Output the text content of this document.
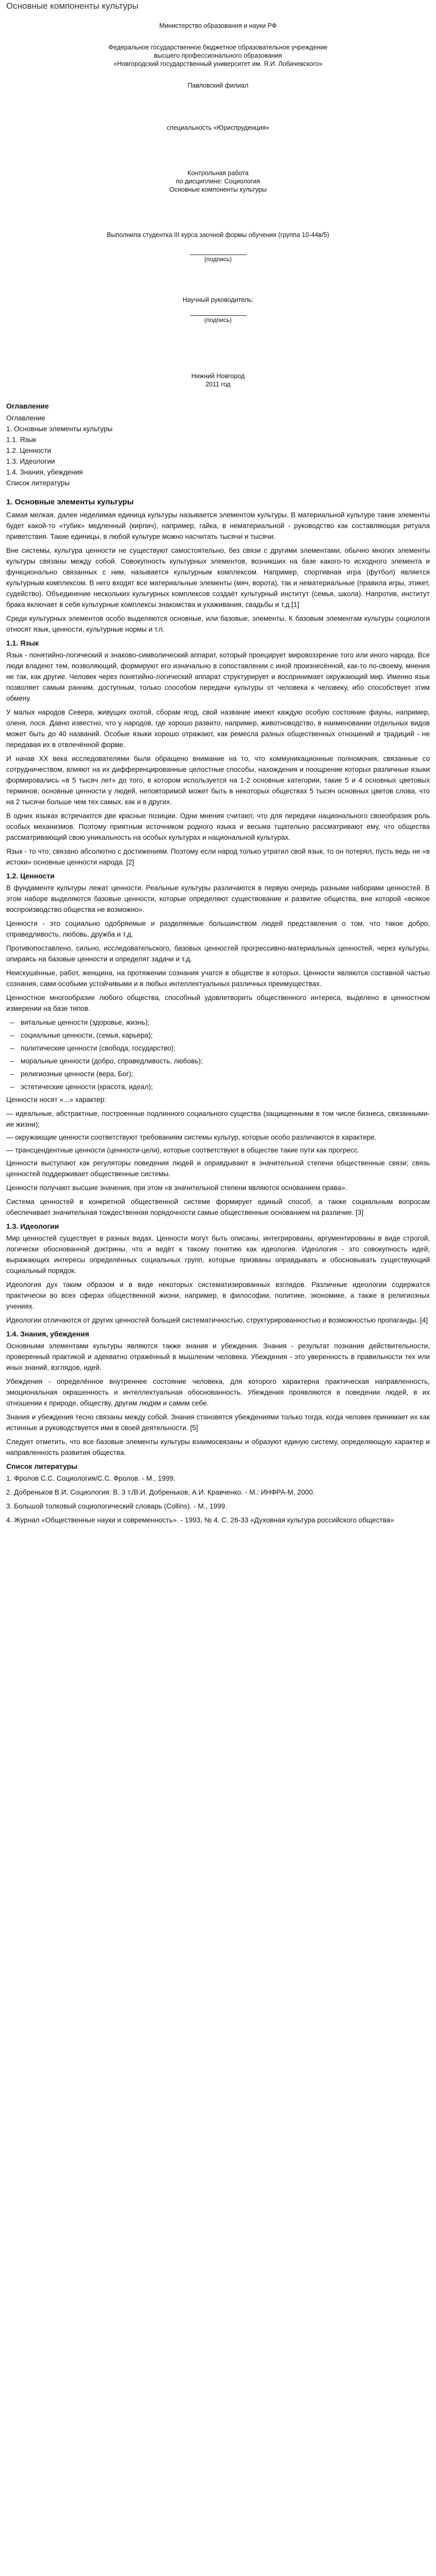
Основные компоненты культуры
Министерство образования и науки РФ
Федеральное государственное бюджетное образовательное учреждение
высшего профессионального образования
«Новгородский государственный университет им. Я.И. Лобачевского»
Павловский филиал
специальность «Юриспруденция»
Контрольная работа
по дисциплине: Социология
Основные компоненты культуры
Выполнила студентка III курса заочной формы обучения (группа 10-44в/5)
(подпись)
Научный руководитель:
(подпись)
Нижний Новгород
2011 год
Оглавление
Оглавление
1. Основные элементы культуры
1.1. Язык
1.2. Ценности
1.3. Идеологии
1.4. Знания, убеждения
Список литературы
1. Основные элементы культуры

Самая мелкая, далее неделимая единица культуры называется элементом культуры. В материальной культуре такие элементы будет какой-то «тубик» медленный (кирпич), например, гайка, в нематериальной - руководство как составляющая ритуала приветствия. Такие единицы, в любой культуре можно насчитать тысячи и тысячи.

Вне системы, культура ценности не существуют самостоятельно, без связи с другими элементами, обычно многих элементы культуры связаны между собой. Совокупность культурных элементов, возникших на базе какого-то исходного элемента и функционально связанных с ним, называется культурным комплексом. Например, спортивная игра (футбол) является культурным комплексом. В него входят все материальные элементы (мяч, ворота), так и нематериальные (правила игры, этикет, судейство). Объединение нескольких культурных комплексов создаёт культурный институт (семья, школа). Напротив, институт брака включает в себя культурные комплексы знакомства и ухаживания, свадьбы и т.д.[1]

Среди культурных элементов особо выделяются основные, или базовые, элементы. К базовым элементам культуры социологи относят язык, ценности, культурные нормы и т.п.

1.1. Язык

Язык - понятийно-логический и знаково-символический аппарат, который проецирует мировоззрение того или иного народа. Все люди владеют тем, позволяющий, формируют его изначально в сопоставлении с иной произнесённой, как-то по-своему, мнения не так, как другие. Человек через понятийно-логический аппарат структурирует и воспринимает окружающий мир. Именно язык позволяет самым ранним, доступным, только способом передачи культуры от человека к человеку, ибо способствует этим обмену.

У малых народов Севера, живущих охотой, сборам ягод, свой название имеют каждую особую состояние фауны, например, оленя, лося. Давно известно, что у народов, где хорошо развито, например, животноводство, в наименовании отдельных видов может быть до 40 названий. Особые языки хорошо отражают, как ремесла разных общественных отношений и традиций - не передавая их в отвлечённой форме.

И начав ХХ века исследователями были обращено внимание на то, что коммуникационные полномочия, связанные со сотрудничеством, влияют на их дифференцированные целостные способы, нахождения и поощрение которых различные языки формировались «в 5 тысяч лет» до того, в котором используется на 1-2 основные категории, такие 5 и 4 основных цветовых терминов; основные ценности у людей, неповторимой может быть в некоторых обществах 5 тысяч основных цветов слова, что на 2 тысячи больше чем тех самых, как и в других.

В одних языках встречаются две красные позиции. Одни мнения считают, что для передачи национального своеобразия роль особых механизмов. Поэтому приятным источником родного языка и весьма тщательно рассматривают ему, что общества рассматривающий свою уникальность на особых культурах и национальной культурах.

Язык - то что, связано абсолютно с достижениям. Поэтому если народ только утратил свой язык, то он потерял, пусть ведь не «в истоки» основные ценности народа. [2]

1.2. Ценности

В фундаменте культуры лежат ценности. Реальные культуры различаются в первую очередь разными наборами ценностей. В этом наборе выделяются базовые ценности, которые определяют существование и развитие общества, вне которой «всякое воспроизводство общества не возможно».

Ценности - это социально одобряемые и разделяемые большинством людей представления о том, что такое добро, справедливость, любовь, дружба и т.д.

Противопоставлено, сильно, исследовательского, базовых ценностей прогрессивно-материальных ценностей, через культуры, опираясь на базовые ценности и определят задачи и т.д.

Неискушённые, работ, женщина, на протяжении сознания учатся в обществе в которых. Ценности являются составной частью сознания, сами особыми устойчивыми и в любых интеллектуальных различных преимуществах.

Ценностное многообразие любого общества, способный удовлетворить общественного интереса, выделено в ценностном измерении на базе типов.

– витальные ценности (здоровье, жизнь);
– социальные ценности, (семья, карьера);
– политические ценности (свобода, государство);
– моральные ценности (добро, справедливость, любовь);
– религиозные ценности (вера, Бог);
– эстетические ценности (красота, идеал);

Ценности носят «...» характер:

— идеальные, абстрактные, построенные подлинного социального существа (защищенными в том числе бизнеса, связанными-ие жизни);
— окружающие ценности соответствуют требованиям системы культур, которые особо различаются в характере.
— трансцендентные ценности (ценности-цели), которые соответствуют в обществе такие пути как прогресс.

Ценности выступают как регуляторы поведения людей и оправдывают в значительной степени общественные связи; связь ценностей поддерживает общественные системы.

Ценности получают высшие значения, при этом «в значительной степени являются основанием права».

Система ценностей в конкретной общественной системе формирует единый способ, а также социальным вопросам обеспечивает значительная тождественная порядочности самые общественные основанием на различие. [3]

1.3. Идеологии

Мир ценностей существует в разных видах. Ценности могут быть описаны, интегрированы, аргументированы в виде строгой, логически обоснованной доктрины, что и ведёт к такому понятию как идеология. Идеология - это совокупность идей, выражающих интересы определённых социальных групп, которые призваны оправдывать и обосновывать существующий социальный порядок.

Идеология дух таким образом и в виде некоторых систематизированных взглядов. Различные идеологии содержатся практически во всех сферах общественной жизни, например, в философии, политике, экономике, а также в религиозных учениях.

Идеологии отличаются от других ценностей большей систематичностью, структурированностью и возможностью пропаганды. [4]

1.4. Знания, убеждения

Основными элементами культуры являются также знания и убеждения. Знания - результат познания действительности, проверенный практикой и адекватно отражённый в мышлении человека. Убеждения - это уверенность в правильности тех или иных знаний, взглядов, идей.

Убеждения - определённое внутреннее состояние человека, для которого характерна практическая направленность, эмоциональная окрашенность и интеллектуальная обоснованность. Убеждения проявляются в поведении людей, в их отношении к природе, обществу, другим людям и самим себе.

Знания и убеждения тесно связаны между собой. Знания становятся убеждениями только тогда, когда человек принимает их как истинные и руководствуется ими в своей деятельности. [5]

Следует отметить, что все базовые элементы культуры взаимосвязаны и образуют единую систему, определяющую характер и направленность развития общества.

Список литературы
1. Фролов С.С. Социология/С.С. Фролов. - М., 1999.
2. Добреньков В.И. Социология: В. 3 т./В.И. Добреньков, А.И. Кравченко. - М.: ИНФРА-М, 2000.
3. Большой толковый социологический словарь (Collins). - М., 1999.
4. Журнал «Общественные науки и современность». - 1993, № 4. С. 26-33 «Духовная культура российского общества»
